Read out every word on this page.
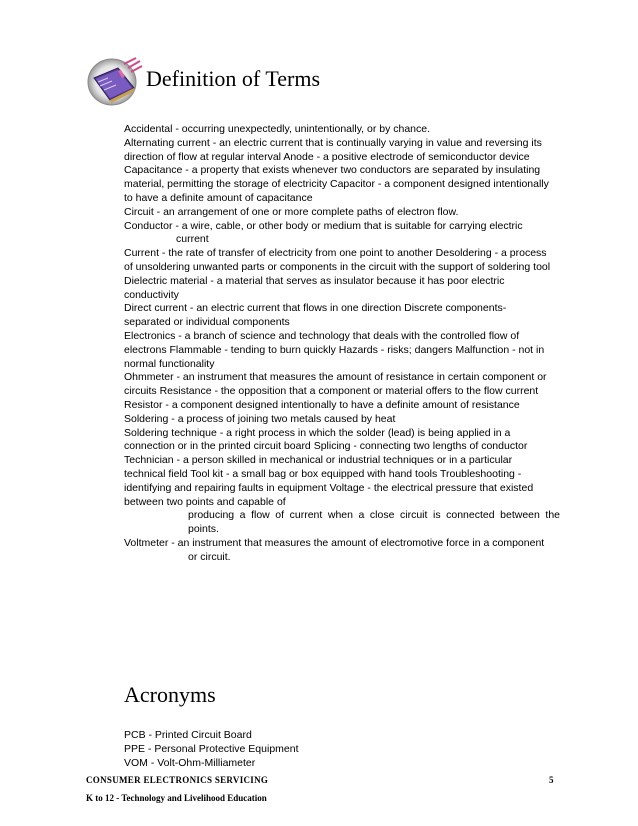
Definition of Terms
Accidental - occurring unexpectedly, unintentionally, or by chance.
Alternating current - an electric current that is continually varying in value and reversing its
direction of flow at regular interval Anode - a positive electrode of semiconductor device
Capacitance - a property that exists whenever two conductors are separated by insulating
material, permitting the storage of electricity Capacitor - a component designed intentionally
to have a definite amount of capacitance
Circuit - an arrangement of one or more complete paths of electron flow.
Conductor - a wire, cable, or other body or medium that is suitable for carrying electric
current
Current - the rate of transfer of electricity from one point to another Desoldering - a process
of unsoldering unwanted parts or components in the circuit with the support of soldering tool
Dielectric material - a material that serves as insulator because it has poor electric
conductivity
Direct current - an electric current that flows in one direction Discrete components-
separated or individual components
Electronics - a branch of science and technology that deals with the controlled flow of
electrons Flammable - tending to burn quickly Hazards - risks; dangers Malfunction - not in
normal functionality
Ohmmeter - an instrument that measures the amount of resistance in certain component or
circuits Resistance - the opposition that a component or material offers to the flow current
Resistor - a component designed intentionally to have a definite amount of resistance
Soldering - a process of joining two metals caused by heat
Soldering technique - a right process in which the solder (lead) is being applied in a
connection or in the printed circuit board Splicing - connecting two lengths of conductor
Technician - a person skilled in mechanical or industrial techniques or in a particular
technical field Tool kit - a small bag or box equipped with hand tools Troubleshooting -
identifying and repairing faults in equipment Voltage - the electrical pressure that existed
between two points and capable of
producing a flow of current when a close circuit is connected between the
points.
Voltmeter - an instrument that measures the amount of electromotive force in a component
or circuit.
Acronyms
PCB - Printed Circuit Board
PPE - Personal Protective Equipment
VOM - Volt-Ohm-Milliameter
CONSUMER ELECTRONICS SERVICING
K to 12 - Technology and Livelihood Education
5
